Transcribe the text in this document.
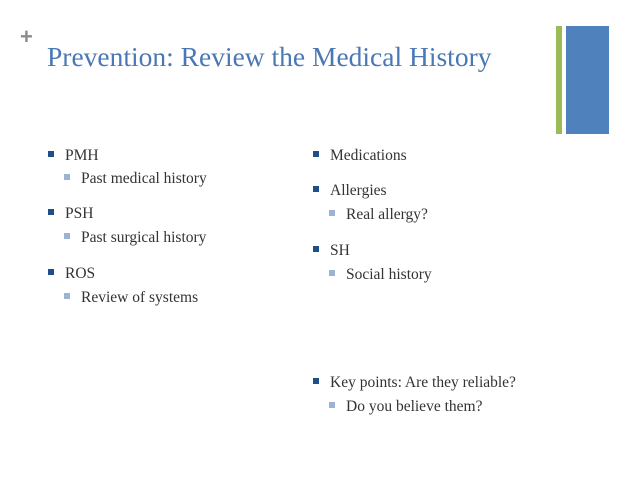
+
Prevention: Review the Medical History
PMH
Past medical history
PSH
Past surgical history
ROS
Review of systems
Medications
Allergies
Real allergy?
SH
Social history
Key points: Are they reliable?
Do you believe them?
